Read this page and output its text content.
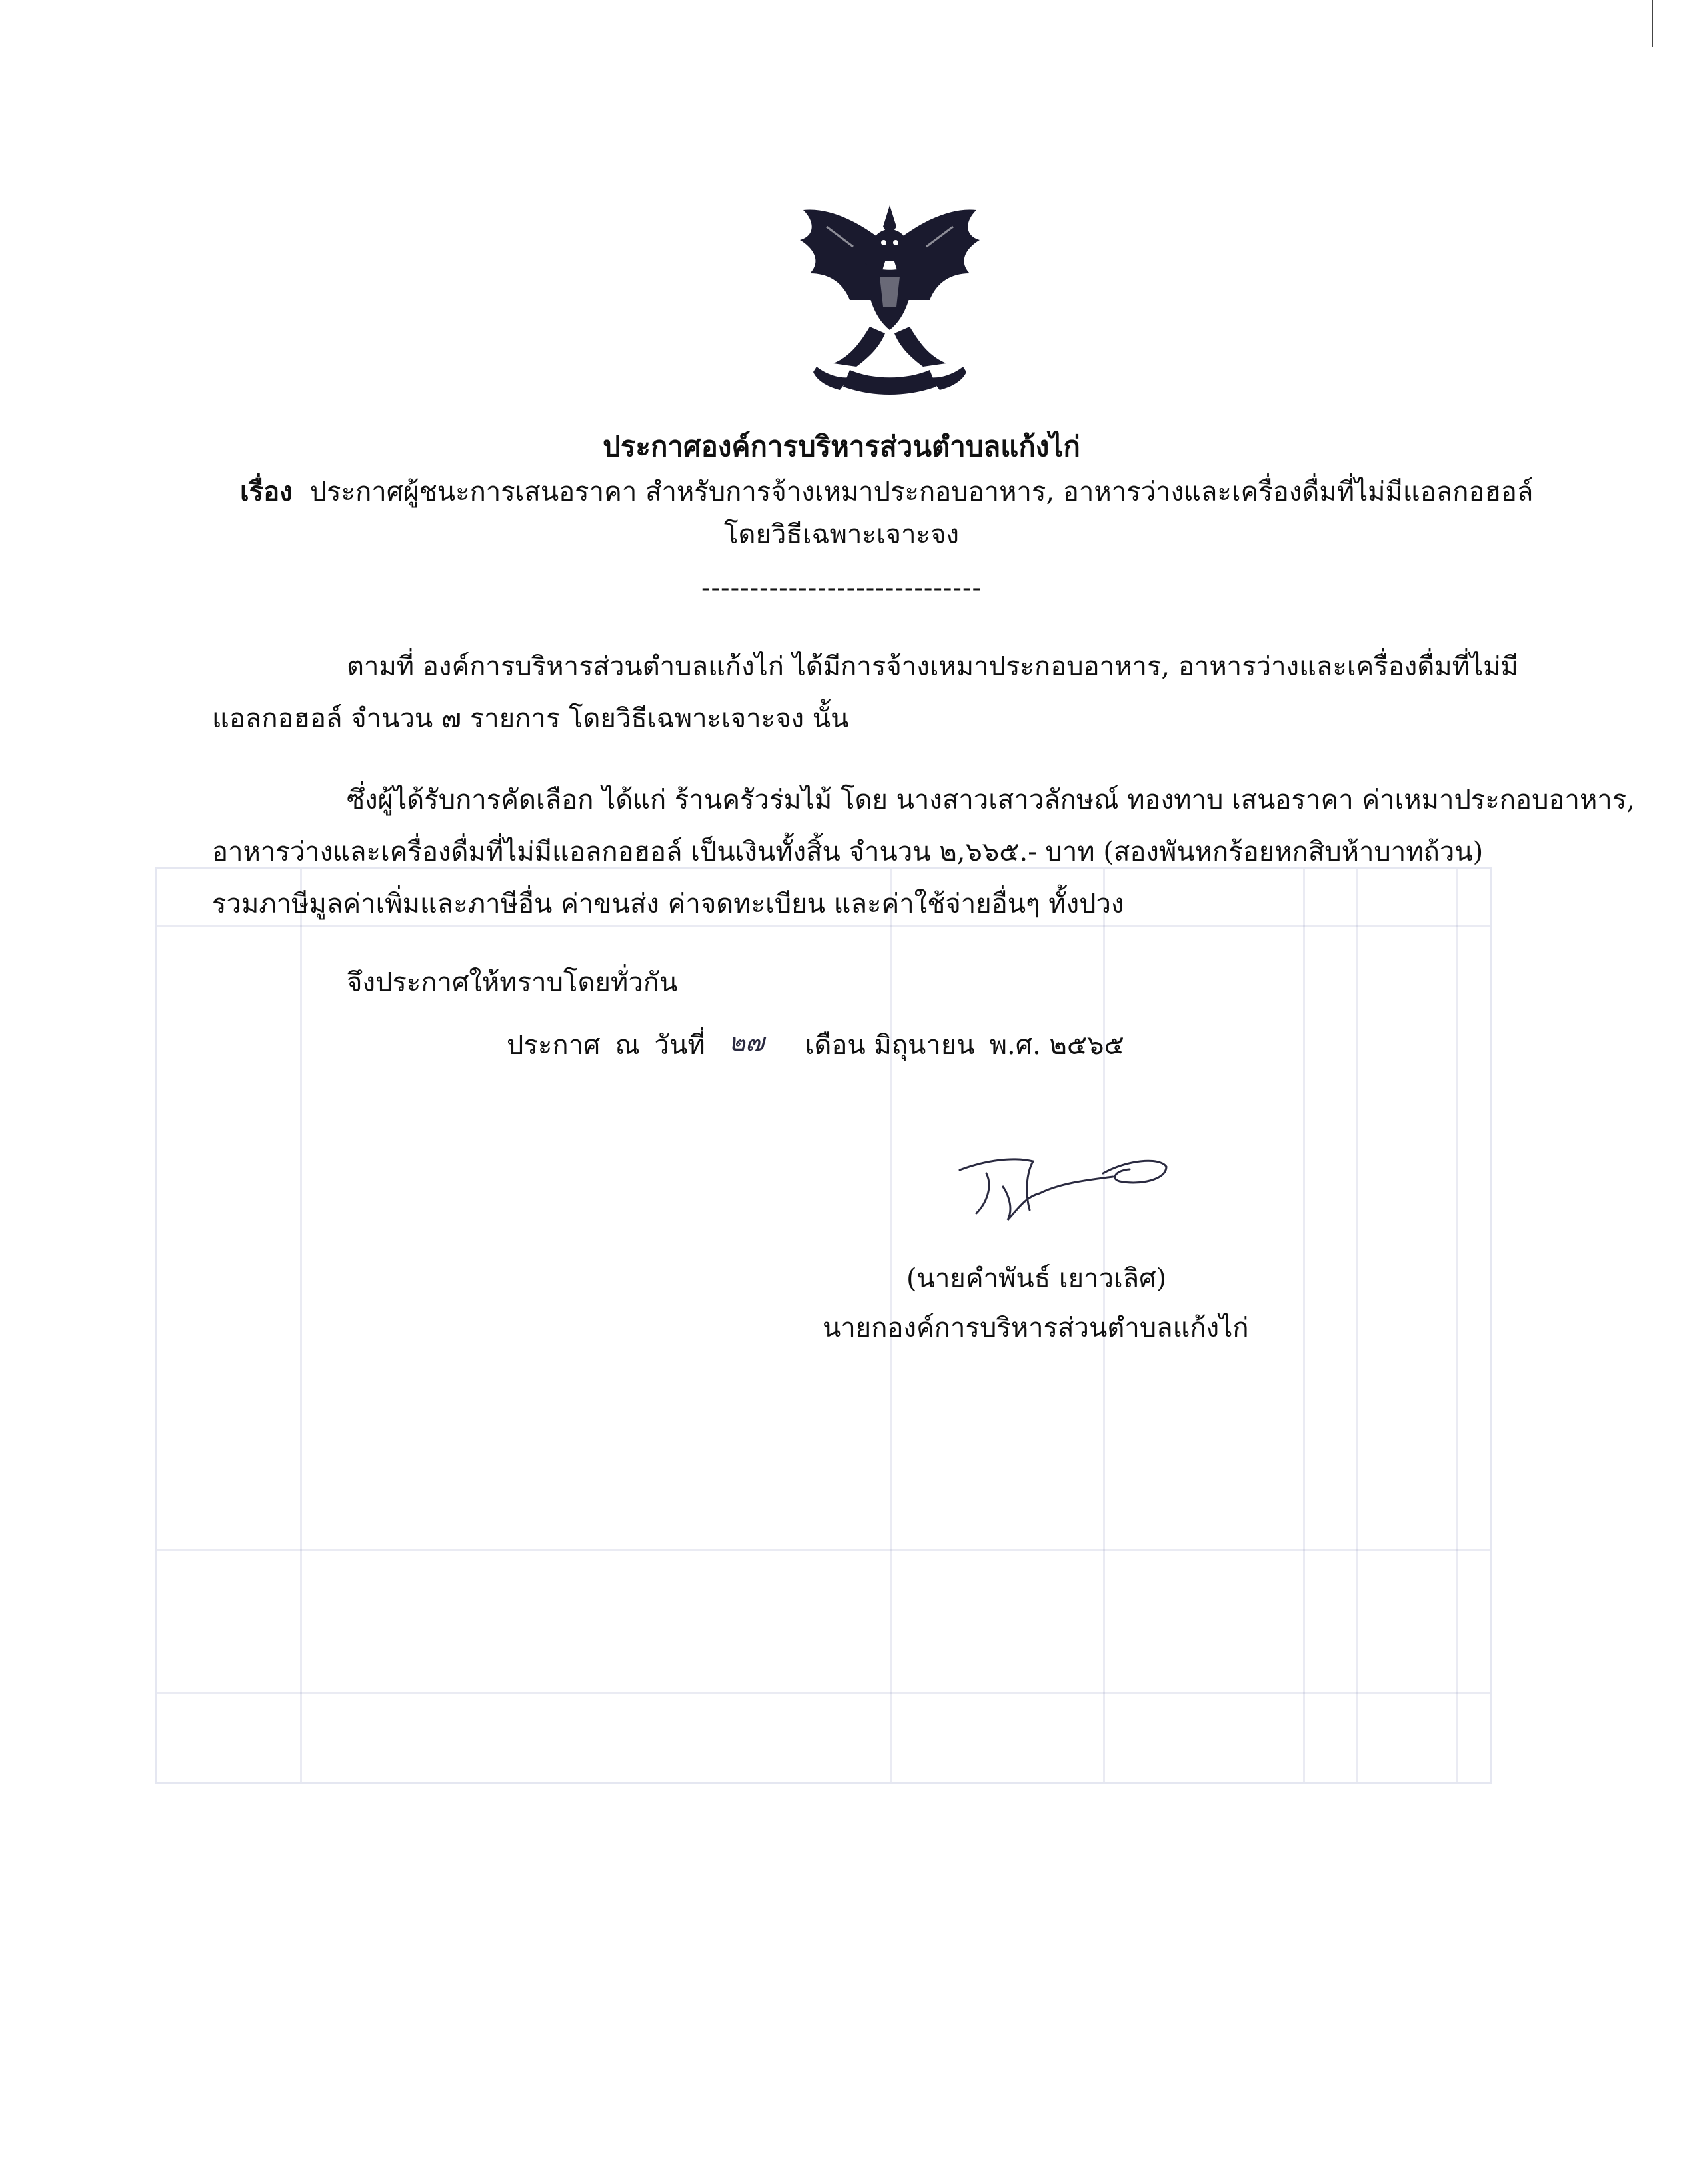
ประกาศองค์การบริหารส่วนตำบลแก้งไก่
เรื่อง ประกาศผู้ชนะการเสนอราคา สำหรับการจ้างเหมาประกอบอาหาร, อาหารว่างและเครื่องดื่มที่ไม่มีแอลกอฮอล์
โดยวิธีเฉพาะเจาะจง
-----------------------------
ตามที่ องค์การบริหารส่วนตำบลแก้งไก่ ได้มีการจ้างเหมาประกอบอาหาร, อาหารว่างและเครื่องดื่มที่ไม่มี
แอลกอฮอล์ จำนวน ๗ รายการ โดยวิธีเฉพาะเจาะจง นั้น
ซึ่งผู้ได้รับการคัดเลือก ได้แก่ ร้านครัวร่มไม้ โดย นางสาวเสาวลักษณ์ ทองทาบ เสนอราคา ค่าเหมาประกอบอาหาร,
อาหารว่างและเครื่องดื่มที่ไม่มีแอลกอฮอล์ เป็นเงินทั้งสิ้น จำนวน ๒,๖๖๕.- บาท (สองพันหกร้อยหกสิบห้าบาทถ้วน)
รวมภาษีมูลค่าเพิ่มและภาษีอื่น ค่าขนส่ง ค่าจดทะเบียน และค่าใช้จ่ายอื่นๆ ทั้งปวง
จึงประกาศให้ทราบโดยทั่วกัน
ประกาศ ณ วันที่	เดือน มิถุนายน พ.ศ. ๒๕๖๕
๒๗
(นายคำพันธ์ เยาวเลิศ)
นายกองค์การบริหารส่วนตำบลแก้งไก่
